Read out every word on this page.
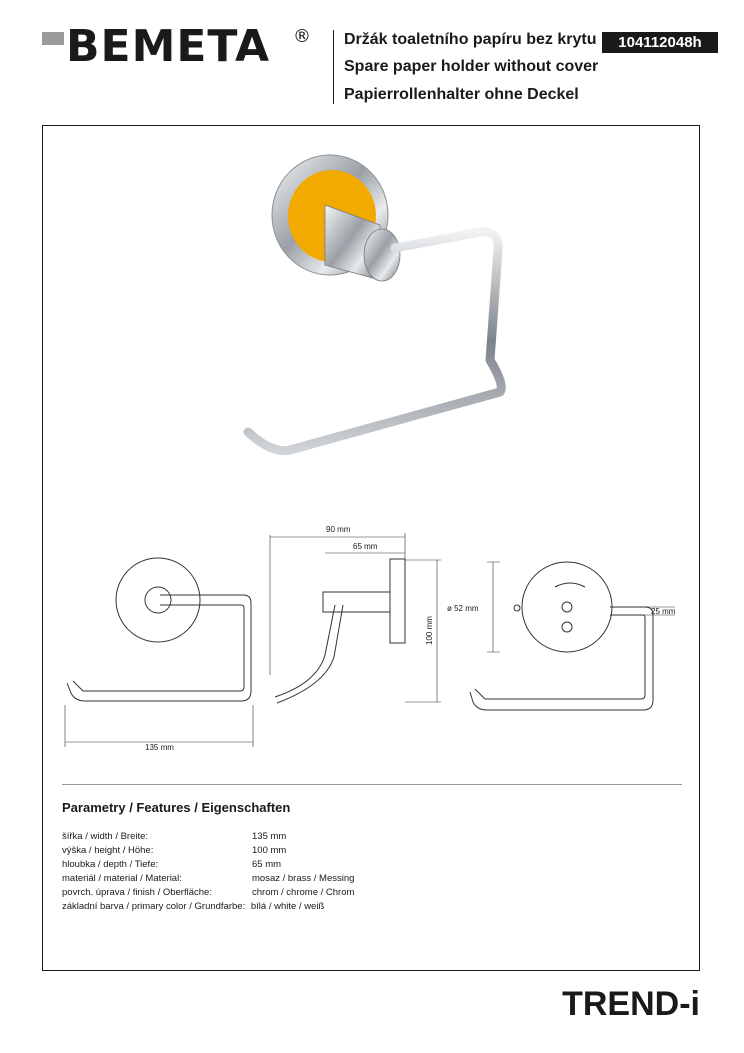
BEMETA ® Držák toaletního papíru bez krytu
Spare paper holder without cover
Papierrollenhalter ohne Deckel
104112048h
135 mm
90 mm
65 mm
100 mm
ø 52 mm	25 mm
Parametry / Features / Eigenschaften
šířka / width / Breite:	135 mm
výška / height / Höhe:	100 mm
hloubka / depth / Tiefe:	65 mm
materiál / material / Material:	mosaz / brass / Messing
povrch. úprava / finish / Oberfläche:	chrom / chrome / Chrom
základní barva / primary color / Grundfarbe: bílá / white / weiß
TREND-i
